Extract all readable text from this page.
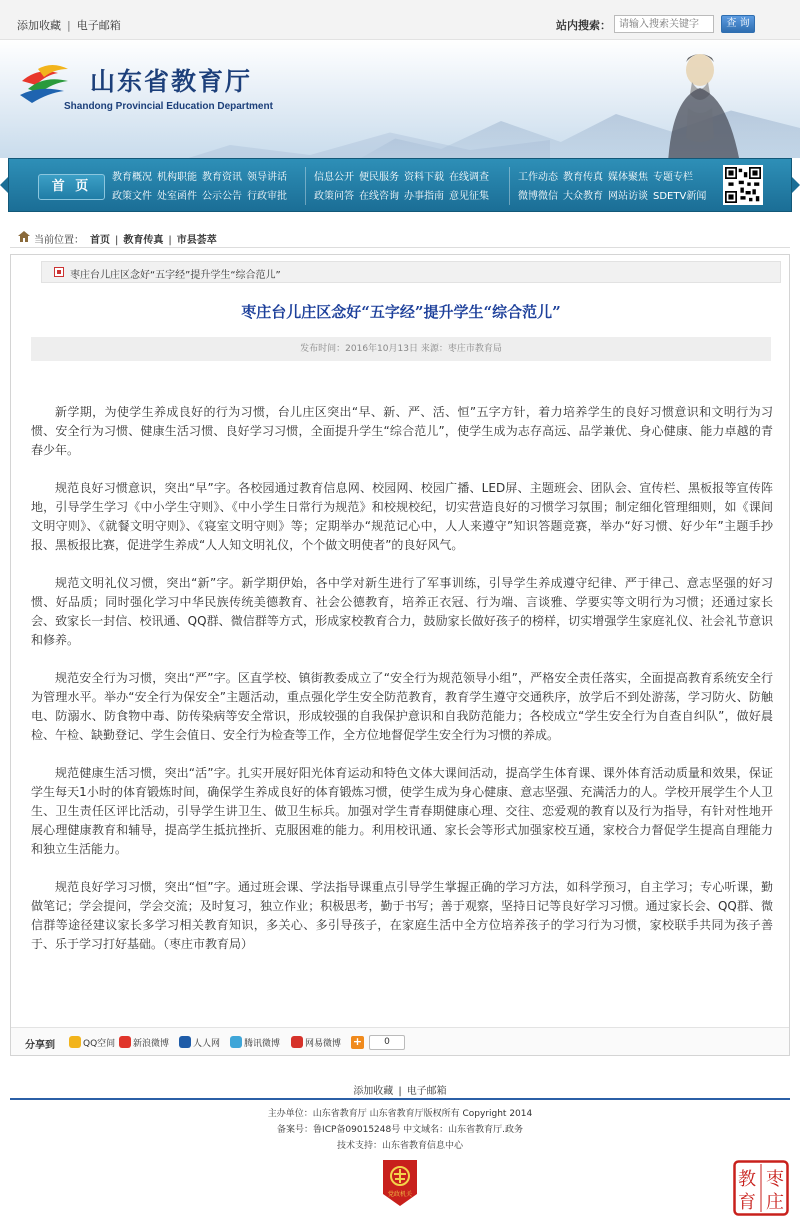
添加收藏 | 电子邮箱	站内搜索：
请输入搜索关键字	查 询
山东省教育厅
Shandong Provincial Education Department
首 页
教育概况 机构职能 教育资讯 领导讲话
政策文件 处室函件 公示公告 行政审批
信息公开 便民服务 资料下载 在线调查
政策问答 在线咨询 办事指南 意见征集
工作动态 教育传真 媒体聚焦 专题专栏
微博微信 大众教育 网站访谈 SDETV新闻
当前位置： 首页 | 教育传真 | 市县荟萃
枣庄台儿庄区念好“五字经”提升学生“综合范儿”
枣庄台儿庄区念好“五字经”提升学生“综合范儿”
发布时间：2016年10月13日 来源：枣庄市教育局

新学期，为使学生养成良好的行为习惯，台儿庄区突出“早、新、严、活、恒”五字方针，着力培养学生的良好习惯意识和文明行为习惯、安全行为习惯、健康生活习惯、良好学习习惯，全面提升学生“综合范儿”，使学生成为志存高远、品学兼优、身心健康、能力卓越的青春少年。

规范良好习惯意识，突出“早”字。各校园通过教育信息网、校园网、校园广播、LED屏、主题班会、团队会、宣传栏、黑板报等宣传阵地，引导学生学习《中小学生守则》、《中小学生日常行为规范》和校规校纪，切实营造良好的习惯学习氛围；制定细化管理细则，如《课间文明守则》、《就餐文明守则》、《寝室文明守则》等；定期举办“规范记心中，人人来遵守”知识答题竞赛，举办“好习惯、好少年”主题手抄报、黑板报比赛，促进学生养成“人人知文明礼仪，个个做文明使者”的良好风气。

规范文明礼仪习惯，突出“新”字。新学期伊始，各中学对新生进行了军事训练，引导学生养成遵守纪律、严于律己、意志坚强的好习惯、好品质；同时强化学习中华民族传统美德教育、社会公德教育，培养正衣冠、行为端、言谈雅、学要实等文明行为习惯；还通过家长会、致家长一封信、校讯通、QQ群、微信群等方式，形成家校教育合力，鼓励家长做好孩子的榜样，切实增强学生家庭礼仪、社会礼节意识和修养。

规范安全行为习惯，突出“严”字。区直学校、镇街教委成立了“安全行为规范领导小组”，严格安全责任落实，全面提高教育系统安全行为管理水平。举办“安全行为保安全”主题活动，重点强化学生安全防范教育，教育学生遵守交通秩序，放学后不到处游荡，学习防火、防触电、防溺水、防食物中毒、防传染病等安全常识，形成较强的自我保护意识和自我防范能力；各校成立“学生安全行为自查自纠队”，做好晨检、午检、缺勤登记、学生会值日、安全行为检查等工作，全方位地督促学生安全行为习惯的养成。

规范健康生活习惯，突出“活”字。扎实开展好阳光体育运动和特色文体大课间活动，提高学生体育课、课外体育活动质量和效果，保证学生每天1小时的体育锻炼时间，确保学生养成良好的体育锻炼习惯，使学生成为身心健康、意志坚强、充满活力的人。学校开展学生个人卫生、卫生责任区评比活动，引导学生讲卫生、做卫生标兵。加强对学生青春期健康心理、交往、恋爱观的教育以及行为指导，有针对性地开展心理健康教育和辅导，提高学生抵抗挫折、克服困难的能力。利用校讯通、家长会等形式加强家校互通，家校合力督促学生提高自理能力和独立生活能力。

规范良好学习习惯，突出“恒”字。通过班会课、学法指导课重点引导学生掌握正确的学习方法，如科学预习，自主学习；专心听课，勤做笔记；学会提问，学会交流；及时复习，独立作业；积极思考，勤于书写；善于观察，坚持日记等良好学习习惯。通过家长会、QQ群、微信群等途径建议家长多学习相关教育知识，多关心、多引导孩子，在家庭生活中全方位培养孩子的学习行为习惯，家校联手共同为孩子善于、乐于学习打好基础。（枣庄市教育局）

分享到	QQ空间	新浪微博	人人网	腾讯微博	网易微博 +	0
添加收藏 | 电子邮箱
主办单位：山东省教育厅 山东省教育厅版权所有 Copyright 2014
备案号：鲁ICP备09015248号 中文域名：山东省教育厅.政务
技术支持：山东省教育信息中心
党政机关
枣
庄
教
育
